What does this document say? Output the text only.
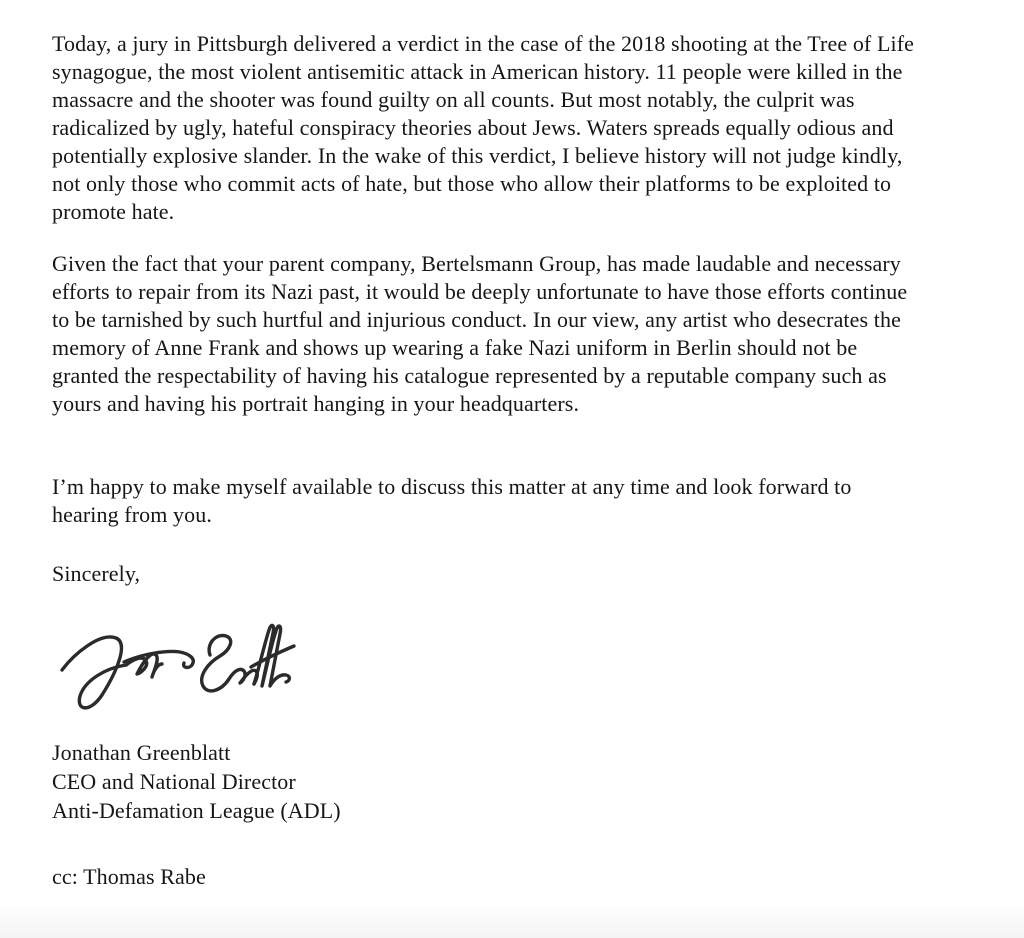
Today, a jury in Pittsburgh delivered a verdict in the case of the 2018 shooting at the Tree of Life
synagogue, the most violent antisemitic attack in American history. 11 people were killed in the
massacre and the shooter was found guilty on all counts. But most notably, the culprit was
radicalized by ugly, hateful conspiracy theories about Jews. Waters spreads equally odious and
potentially explosive slander. In the wake of this verdict, I believe history will not judge kindly,
not only those who commit acts of hate, but those who allow their platforms to be exploited to
promote hate.

Given the fact that your parent company, Bertelsmann Group, has made laudable and necessary
efforts to repair from its Nazi past, it would be deeply unfortunate to have those efforts continue
to be tarnished by such hurtful and injurious conduct. In our view, any artist who desecrates the
memory of Anne Frank and shows up wearing a fake Nazi uniform in Berlin should not be
granted the respectability of having his catalogue represented by a reputable company such as
yours and having his portrait hanging in your headquarters.

I’m happy to make myself available to discuss this matter at any time and look forward to
hearing from you.

Sincerely,

Jonathan Greenblatt
CEO and National Director
Anti-Defamation League (ADL)

cc: Thomas Rabe
